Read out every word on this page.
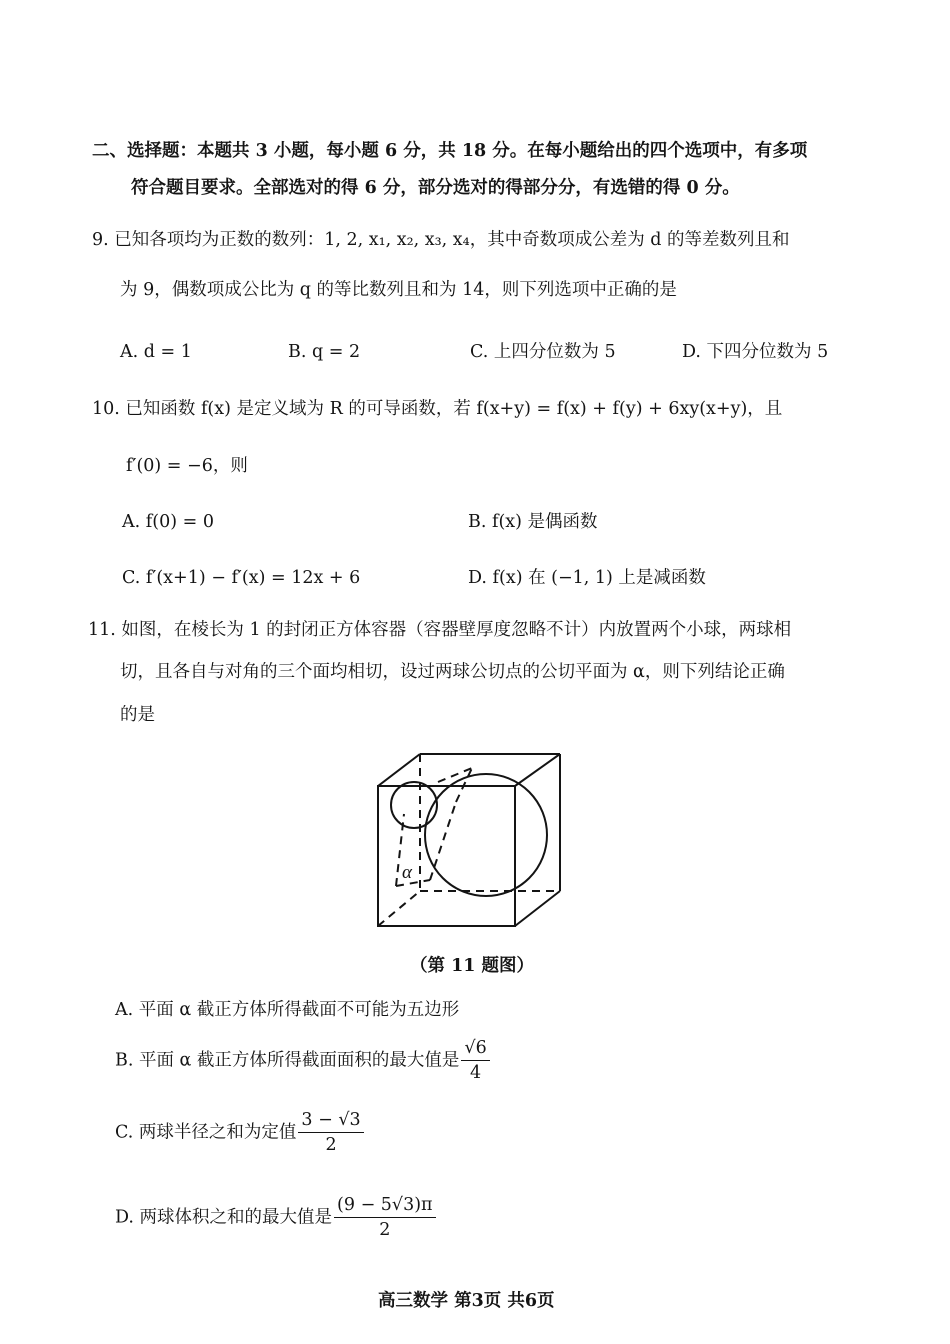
二、选择题：本题共 3 小题，每小题 6 分，共 18 分。在每小题给出的四个选项中，有多项
符合题目要求。全部选对的得 6 分，部分选对的得部分分，有选错的得 0 分。
9. 已知各项均为正数的数列：1, 2, x₁, x₂, x₃, x₄，其中奇数项成公差为 d 的等差数列且和
为 9，偶数项成公比为 q 的等比数列且和为 14，则下列选项中正确的是
A. d = 1	B. q = 2	C. 上四分位数为 5	D. 下四分位数为 5
10. 已知函数 f(x) 是定义域为 R 的可导函数，若 f(x+y) = f(x) + f(y) + 6xy(x+y)，且
f′(0) = −6，则
A. f(0) = 0	B. f(x) 是偶函数
C. f′(x+1) − f′(x) = 12x + 6	D. f(x) 在 (−1, 1) 上是减函数
11. 如图，在棱长为 1 的封闭正方体容器（容器壁厚度忽略不计）内放置两个小球，两球相
切，且各自与对角的三个面均相切，设过两球公切点的公切平面为 α，则下列结论正确
的是
α
（第 11 题图）
A. 平面 α 截正方体所得截面不可能为五边形
B. 平面 α 截正方体所得截面面积的最大值是 $\frac{√6}{4}$
C. 两球半径之和为定值 $\frac{3 - √3}{2}$
D. 两球体积之和的最大值是 $\frac{(9 - 5√3)\pi}{2}$
高三数学 第3页 共6页
